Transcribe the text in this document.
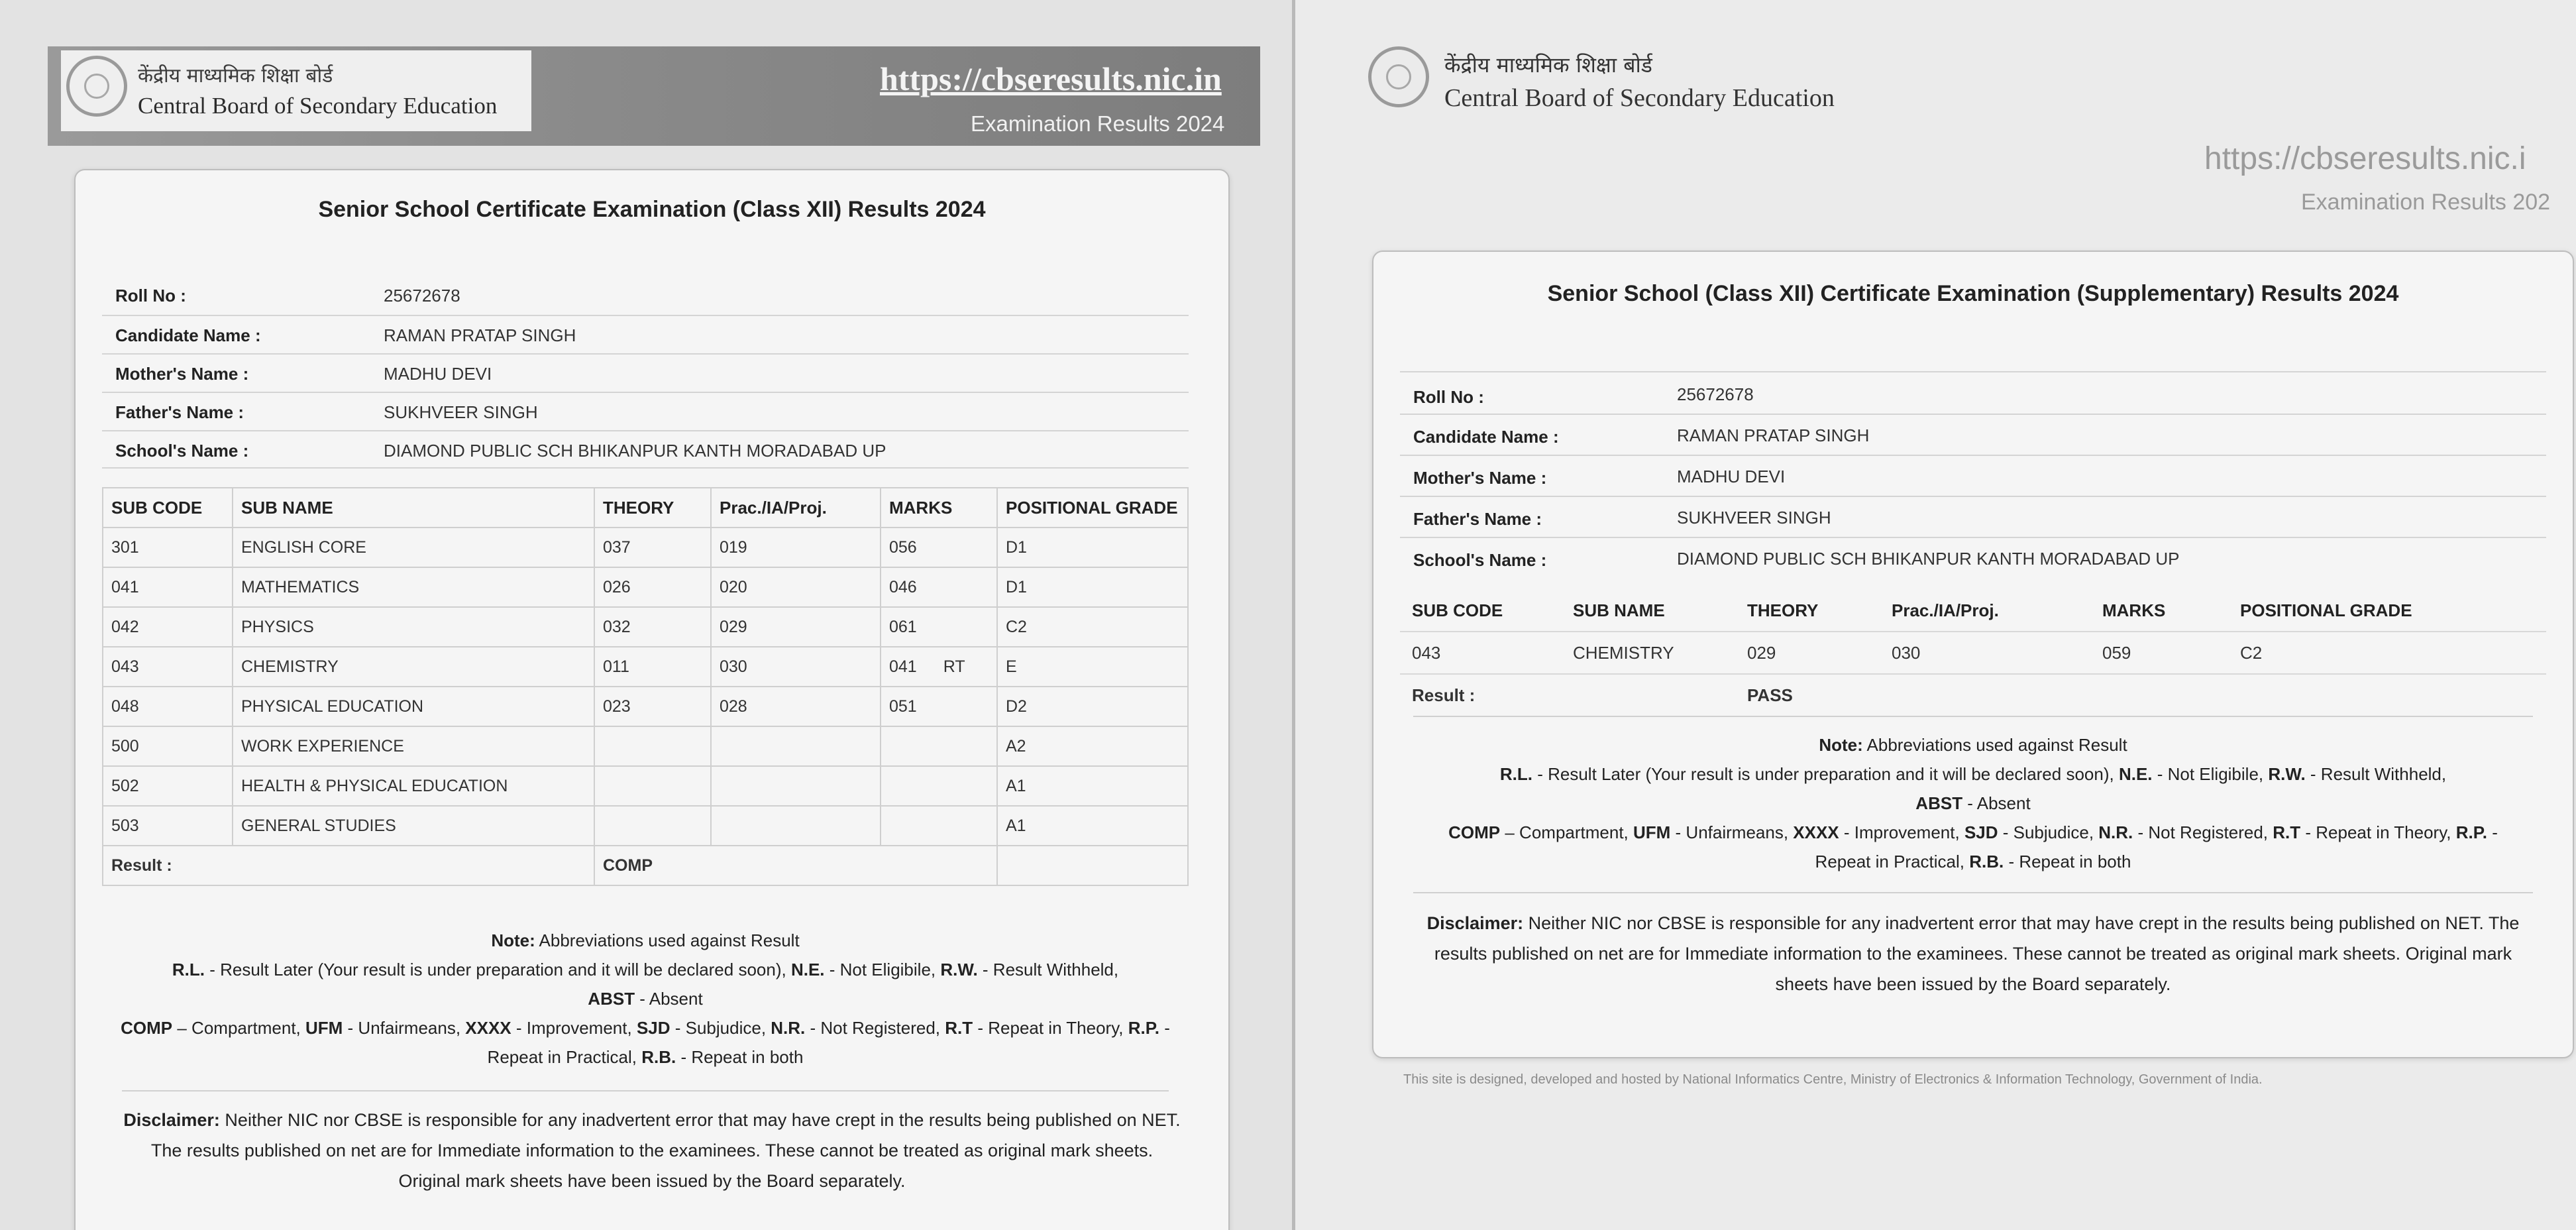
केंद्रीय माध्यमिक शिक्षा बोर्ड
Central Board of Secondary Education
https://cbseresults.nic.in
Examination Results 2024
Senior School Certificate Examination (Class XII) Results 2024
Roll No :	25672678
Candidate Name :	RAMAN PRATAP SINGH
Mother's Name :	MADHU DEVI
Father's Name :	SUKHVEER SINGH
School's Name :	DIAMOND PUBLIC SCH BHIKANPUR KANTH MORADABAD UP
SUB CODE	SUB NAME	THEORY	Prac./IA/Proj.	MARKS	POSITIONAL GRADE
301	ENGLISH CORE	037	019	056	D1
041	MATHEMATICS	026	020	046	D1
042	PHYSICS	032	029	061	C2
043	CHEMISTRY	011	030	041 RT	E
048	PHYSICAL EDUCATION	023	028	051	D2
500	WORK EXPERIENCE				A2
502	HEALTH & PHYSICAL EDUCATION				A1
503	GENERAL STUDIES				A1
Result :		COMP			
Note: Abbreviations used against Result
R.L. - Result Later (Your result is under preparation and it will be declared soon), N.E. - Not Eligibile, R.W. - Result Withheld,
ABST - Absent
COMP – Compartment, UFM - Unfairmeans, XXXX - Improvement, SJD - Subjudice, N.R. - Not Registered, R.T - Repeat in Theory, R.P. - Repeat in Practical, R.B. - Repeat in both
Disclaimer: Neither NIC nor CBSE is responsible for any inadvertent error that may have crept in the results being published on NET. The results published on net are for Immediate information to the examinees. These cannot be treated as original mark sheets. Original mark sheets have been issued by the Board separately.
केंद्रीय माध्यमिक शिक्षा बोर्ड
Central Board of Secondary Education
https://cbseresults.nic.i
Examination Results 202
Senior School (Class XII) Certificate Examination (Supplementary) Results 2024
Roll No :	25672678
Candidate Name :	RAMAN PRATAP SINGH
Mother's Name :	MADHU DEVI
Father's Name :	SUKHVEER SINGH
School's Name :	DIAMOND PUBLIC SCH BHIKANPUR KANTH MORADABAD UP
SUB CODE	SUB NAME	THEORY	Prac./IA/Proj.	MARKS	POSITIONAL GRADE
043	CHEMISTRY	029	030	059	C2
Result :		PASS			
Note: Abbreviations used against Result
R.L. - Result Later (Your result is under preparation and it will be declared soon), N.E. - Not Eligibile, R.W. - Result Withheld,
ABST - Absent
COMP – Compartment, UFM - Unfairmeans, XXXX - Improvement, SJD - Subjudice, N.R. - Not Registered, R.T - Repeat in Theory, R.P. - Repeat in Practical, R.B. - Repeat in both
Disclaimer: Neither NIC nor CBSE is responsible for any inadvertent error that may have crept in the results being published on NET. The results published on net are for Immediate information to the examinees. These cannot be treated as original mark sheets. Original mark sheets have been issued by the Board separately.
This site is designed, developed and hosted by National Informatics Centre, Ministry of Electronics & Information Technology, Government of India.
